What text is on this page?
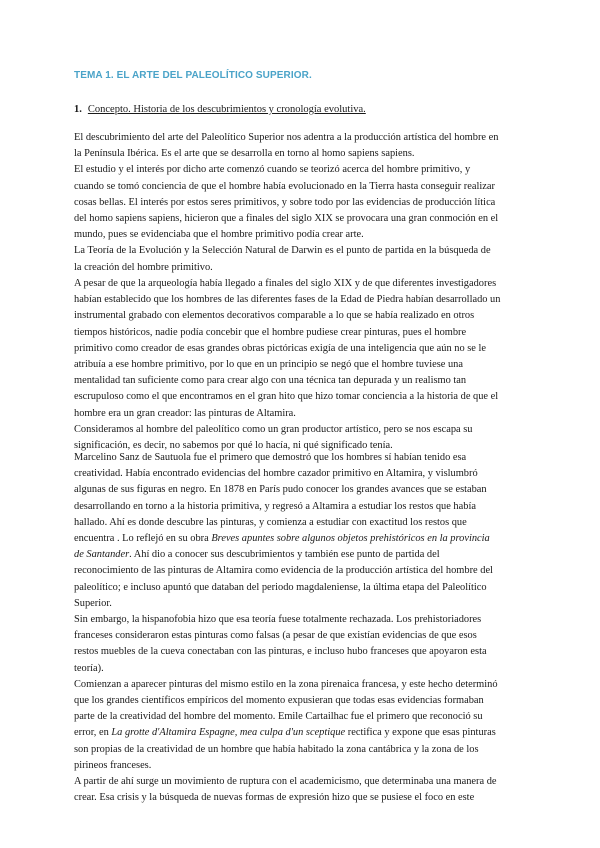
TEMA 1. EL ARTE DEL PALEOLÍTICO SUPERIOR.
1. Concepto. Historia de los descubrimientos y cronología evolutiva.
El descubrimiento del arte del Paleolítico Superior nos adentra a la producción artística del hombre en
la Península Ibérica. Es el arte que se desarrolla en torno al homo sapiens sapiens.
El estudio y el interés por dicho arte comenzó cuando se teorizó acerca del hombre primitivo, y
cuando se tomó conciencia de que el hombre había evolucionado en la Tierra hasta conseguir realizar
cosas bellas. El interés por estos seres primitivos, y sobre todo por las evidencias de producción lítica
del homo sapiens sapiens, hicieron que a finales del siglo XIX se provocara una gran conmoción en el
mundo, pues se evidenciaba que el hombre primitivo podía crear arte.
La Teoría de la Evolución y la Selección Natural de Darwin es el punto de partida en la búsqueda de
la creación del hombre primitivo.
A pesar de que la arqueología había llegado a finales del siglo XIX y de que diferentes investigadores
habían establecido que los hombres de las diferentes fases de la Edad de Piedra habían desarrollado un
instrumental grabado con elementos decorativos comparable a lo que se había realizado en otros
tiempos históricos, nadie podía concebir que el hombre pudiese crear pinturas, pues el hombre
primitivo como creador de esas grandes obras pictóricas exigía de una inteligencia que aún no se le
atribuía a ese hombre primitivo, por lo que en un principio se negó que el hombre tuviese una
mentalidad tan suficiente como para crear algo con una técnica tan depurada y un realismo tan
escrupuloso como el que encontramos en el gran hito que hizo tomar conciencia a la historia de que el
hombre era un gran creador: las pinturas de Altamira.
Consideramos al hombre del paleolítico como un gran productor artístico, pero se nos escapa su
significación, es decir, no sabemos por qué lo hacía, ni qué significado tenía.
Marcelino Sanz de Sautuola fue el primero que demostró que los hombres sí habían tenido esa
creatividad. Había encontrado evidencias del hombre cazador primitivo en Altamira, y vislumbró
algunas de sus figuras en negro. En 1878 en París pudo conocer los grandes avances que se estaban
desarrollando en torno a la historia primitiva, y regresó a Altamira a estudiar los restos que había
hallado. Ahí es donde descubre las pinturas, y comienza a estudiar con exactitud los restos que
encuentra . Lo reflejó en su obra Breves apuntes sobre algunos objetos prehistóricos en la provincia
de Santander. Ahí dio a conocer sus descubrimientos y también ese punto de partida del
reconocimiento de las pinturas de Altamira como evidencia de la producción artística del hombre del
paleolítico; e incluso apuntó que databan del periodo magdaleniense, la última etapa del Paleolítico
Superior.
Sin embargo, la hispanofobia hizo que esa teoría fuese totalmente rechazada. Los prehistoriadores
franceses consideraron estas pinturas como falsas (a pesar de que existían evidencias de que esos
restos muebles de la cueva conectaban con las pinturas, e incluso hubo franceses que apoyaron esta
teoría).
Comienzan a aparecer pinturas del mismo estilo en la zona pirenaica francesa, y este hecho determinó
que los grandes científicos empíricos del momento expusieran que todas esas evidencias formaban
parte de la creatividad del hombre del momento. Emile Cartailhac fue el primero que reconoció su
error, en La grotte d'Altamira Espagne, mea culpa d'un sceptique rectifica y expone que esas pinturas
son propias de la creatividad de un hombre que había habitado la zona cantábrica y la zona de los
pirineos franceses.
A partir de ahí surge un movimiento de ruptura con el academicismo, que determinaba una manera de
crear. Esa crisis y la búsqueda de nuevas formas de expresión hizo que se pusiese el foco en este
